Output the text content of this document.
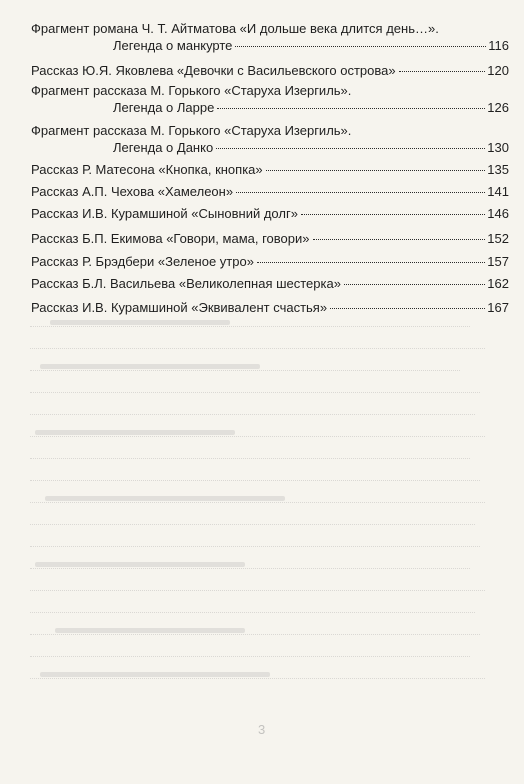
Фрагмент романа Ч. Т. Айтматова «И дольше века длится день…».
Легенда о манкурте	116
Рассказ Ю.Я. Яковлева «Девочки с Васильевского острова»	120
Фрагмент рассказа М. Горького «Старуха Изергиль».
Легенда о Ларре	126
Фрагмент рассказа М. Горького «Старуха Изергиль».
Легенда о Данко	130
Рассказ Р. Матесона «Кнопка, кнопка»	135
Рассказ А.П. Чехова «Хамелеон»	141
Рассказ И.В. Курамшиной «Сыновний долг»	146
Рассказ Б.П. Екимова «Говори, мама, говори»	152
Рассказ Р. Брэдбери «Зеленое утро»	157
Рассказ Б.Л. Васильева «Великолепная шестерка»	162
Рассказ И.В. Курамшиной «Эквивалент счастья»	167
3
